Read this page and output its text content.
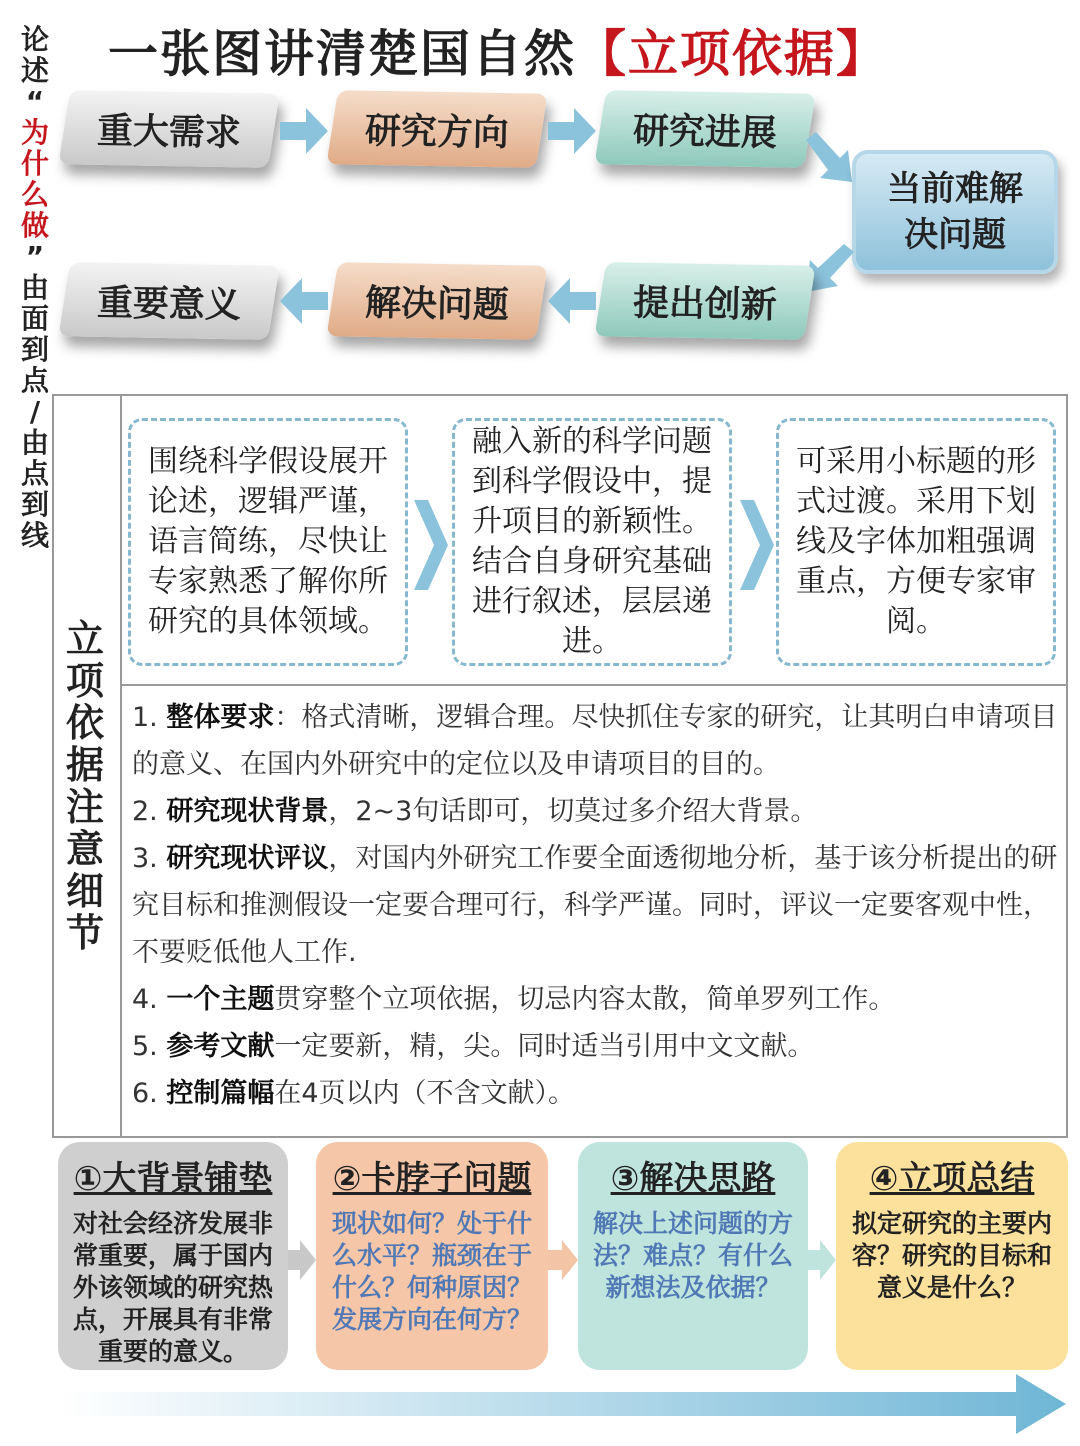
论
述
“
为
什
么
做
”
由
面
到
点
/
由
点
到
线
一张图讲清楚国自然【立项依据】
重大需求	研究方向	研究进展
当前难解决问题
重要意义	解决问题	提出创新
立
项
依
据
注
意
细
节
围绕科学假设展开论述，逻辑严谨，语言简练，尽快让专家熟悉了解你所研究的具体领域。
融入新的科学问题到科学假设中，提升项目的新颖性。结合自身研究基础进行叙述，层层递进。
可采用小标题的形式过渡。采用下划线及字体加粗强调重点，方便专家审阅。

1. 整体要求：格式清晰，逻辑合理。尽快抓住专家的研究，让其明白申请项目的意义、在国内外研究中的定位以及申请项目的目的。

2. 研究现状背景，2~3句话即可，切莫过多介绍大背景。

3. 研究现状评议，对国内外研究工作要全面透彻地分析，基于该分析提出的研究目标和推测假设一定要合理可行，科学严谨。同时，评议一定要客观中性，不要贬低他人工作.

4. 一个主题贯穿整个立项依据，切忌内容太散，简单罗列工作。

5. 参考文献一定要新，精，尖。同时适当引用中文文献。

6. 控制篇幅在4页以内（不含文献）。

①大背景铺垫
对社会经济发展非常重要，属于国内外该领域的研究热点，开展具有非常重要的意义。
②卡脖子问题
现状如何？处于什么水平？瓶颈在于什么？何种原因？发展方向在何方？
③解决思路
解决上述问题的方法？难点？有什么新想法及依据？
④立项总结
拟定研究的主要内容？研究的目标和意义是什么？
